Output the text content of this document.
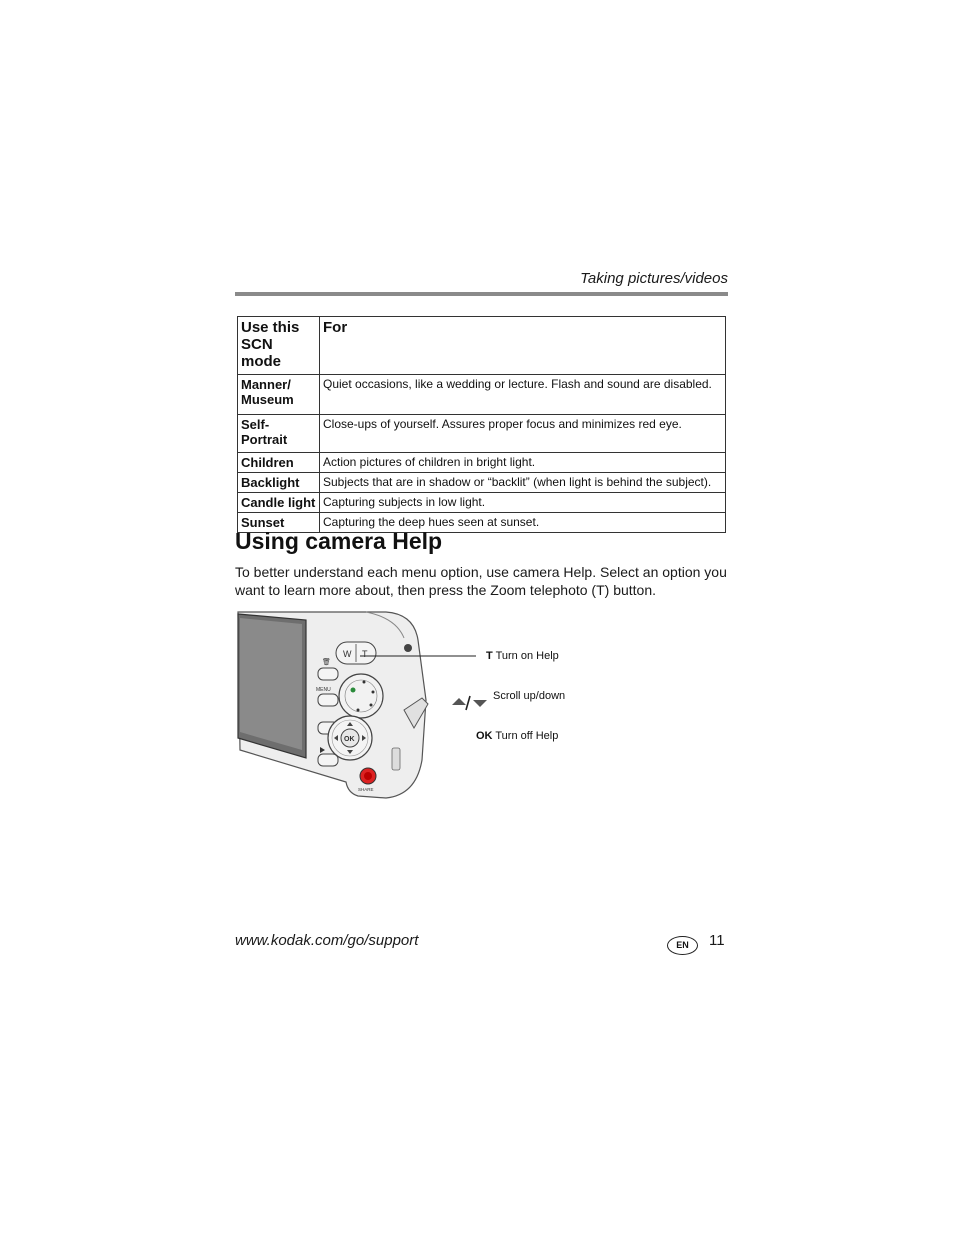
Taking pictures/videos
Use this SCN mode	For
Manner/ Museum	Quiet occasions, like a wedding or lecture. Flash and sound are disabled.
Self- Portrait	Close-ups of yourself. Assures proper focus and minimizes red eye.
Children	Action pictures of children in bright light.
Backlight	Subjects that are in shadow or “backlit” (when light is behind the subject).
Candle light	Capturing subjects in low light.
Sunset	Capturing the deep hues seen at sunset.
Using camera Help
To better understand each menu option, use camera Help. Select an option you want to learn more about, then press the Zoom telephoto (T) button.
W T
🗑
MENU
OK
SHARE
T Turn on Help
Scroll up/down
OK Turn off Help
www.kodak.com/go/support	EN	11
